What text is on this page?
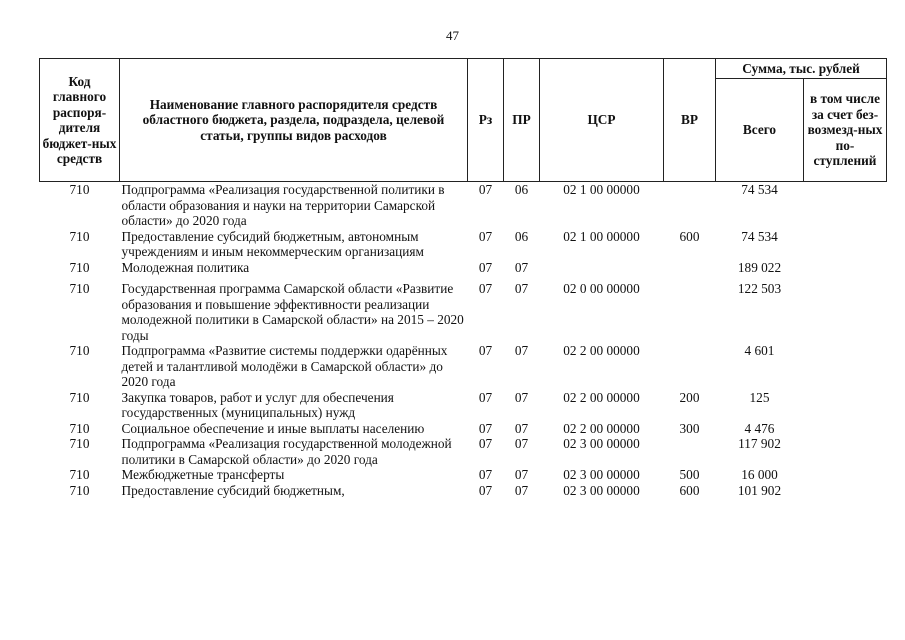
47
Код главного распоря-дителя бюджет-ных средств	Наименование главного распорядителя средств областного бюджета, раздела, подраздела, целевой статьи, группы видов расходов	Рз	ПР	ЦСР	ВР	Сумма, тыс. рублей	
						Всего	в том числе за счет без-возмезд-ных по-ступлений
710	Подпрограмма «Реализация государственной политики в области образования и науки на территории Самарской области» до 2020 года	07	06	02 1 00 00000		74 534	
710	Предоставление субсидий бюджетным, автономным учреждениям и иным некоммерческим организациям	07	06	02 1 00 00000	600	74 534	
710	Молодежная политика	07	07			189 022	
710	Государственная программа Самарской области «Развитие образования и повышение эффективности реализации молодежной политики в Самарской области» на 2015 – 2020 годы	07	07	02 0 00 00000		122 503	
710	Подпрограмма «Развитие системы поддержки одарённых детей и талантливой молодёжи в Самарской области» до 2020 года	07	07	02 2 00 00000		4 601	
710	Закупка товаров, работ и услуг для обеспечения государственных (муниципальных) нужд	07	07	02 2 00 00000	200	125	
710	Социальное обеспечение и иные выплаты населению	07	07	02 2 00 00000	300	4 476	
710	Подпрограмма «Реализация государственной молодежной политики в Самарской области» до 2020 года	07	07	02 3 00 00000		117 902	
710	Межбюджетные трансферты	07	07	02 3 00 00000	500	16 000	
710	Предоставление субсидий бюджетным,	07	07	02 3 00 00000	600	101 902	
